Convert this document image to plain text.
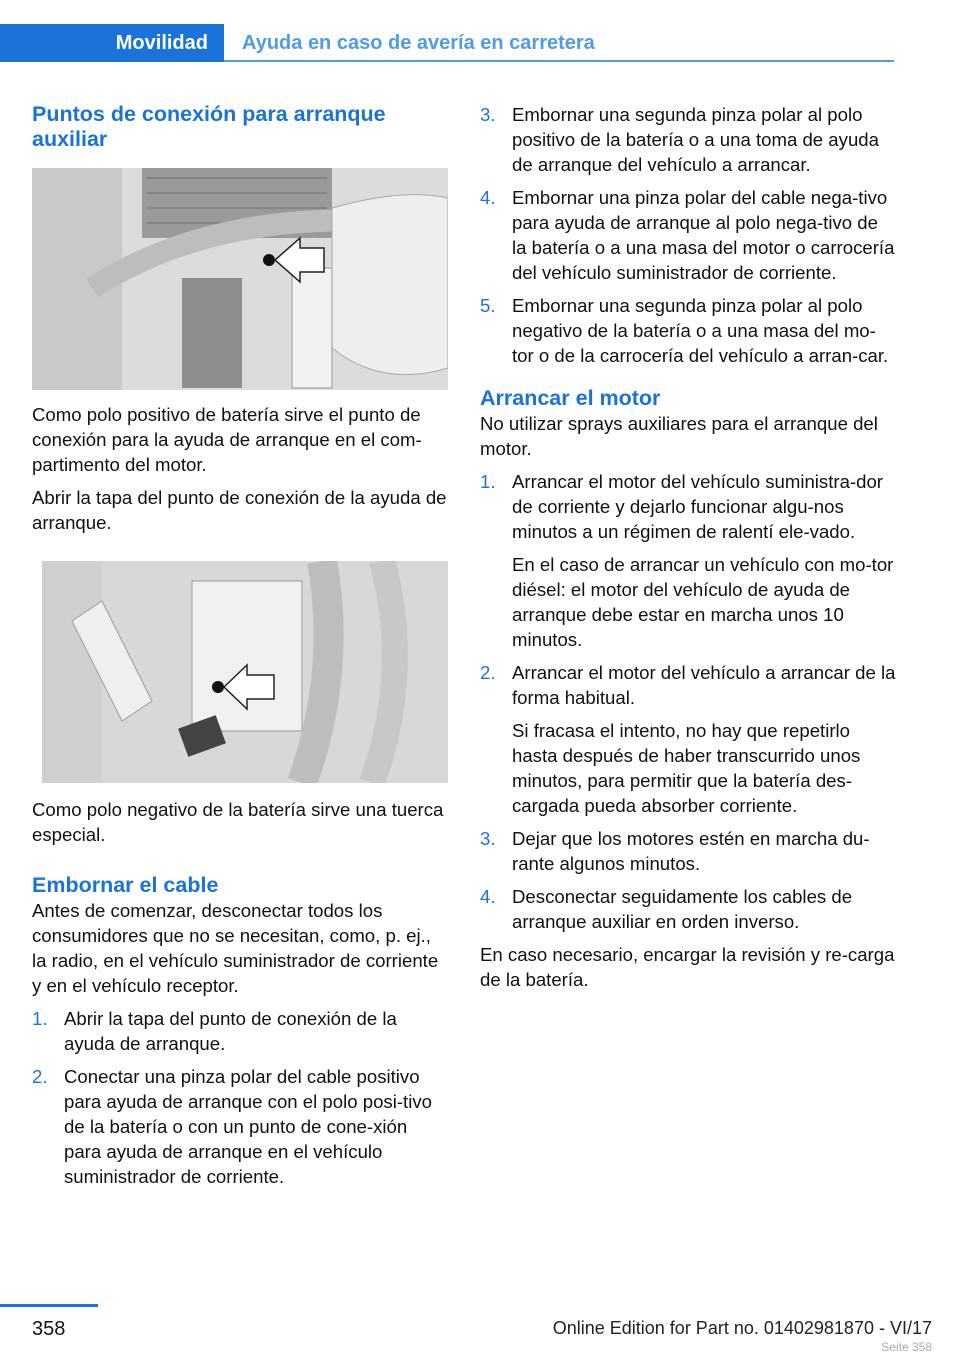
Movilidad	Ayuda en caso de avería en carretera
Puntos de conexión para arranque auxiliar

Como polo positivo de batería sirve el punto de conexión para la ayuda de arranque en el com-partimento del motor.

Abrir la tapa del punto de conexión de la ayuda de arranque.

Como polo negativo de la batería sirve una tuerca especial.

Embornar el cable

Antes de comenzar, desconectar todos los consumidores que no se necesitan, como, p. ej., la radio, en el vehículo suministrador de corriente y en el vehículo receptor.

1. Abrir la tapa del punto de conexión de la ayuda de arranque.
2. Conectar una pinza polar del cable positivo para ayuda de arranque con el polo posi-tivo de la batería o con un punto de cone-xión para ayuda de arranque en el vehículo suministrador de corriente.
3. Embornar una segunda pinza polar al polo positivo de la batería o a una toma de ayuda de arranque del vehículo a arrancar.
4. Embornar una pinza polar del cable nega-tivo para ayuda de arranque al polo nega-tivo de la batería o a una masa del motor o carrocería del vehículo suministrador de corriente.
5. Embornar una segunda pinza polar al polo negativo de la batería o a una masa del mo-tor o de la carrocería del vehículo a arran-car.
Arrancar el motor

No utilizar sprays auxiliares para el arranque del motor.

1. Arrancar el motor del vehículo suministra-dor de corriente y dejarlo funcionar algu-nos minutos a un régimen de ralentí ele-vado.
En el caso de arrancar un vehículo con mo-tor diésel: el motor del vehículo de ayuda de arranque debe estar en marcha unos 10 minutos.
2. Arrancar el motor del vehículo a arrancar de la forma habitual.
Si fracasa el intento, no hay que repetirlo hasta después de haber transcurrido unos minutos, para permitir que la batería des-cargada pueda absorber corriente.
3. Dejar que los motores estén en marcha du-rante algunos minutos.
4. Desconectar seguidamente los cables de arranque auxiliar en orden inverso.

En caso necesario, encargar la revisión y re-carga de la batería.

358	Online Edition for Part no. 01402981870 - VI/17
Seite 358
